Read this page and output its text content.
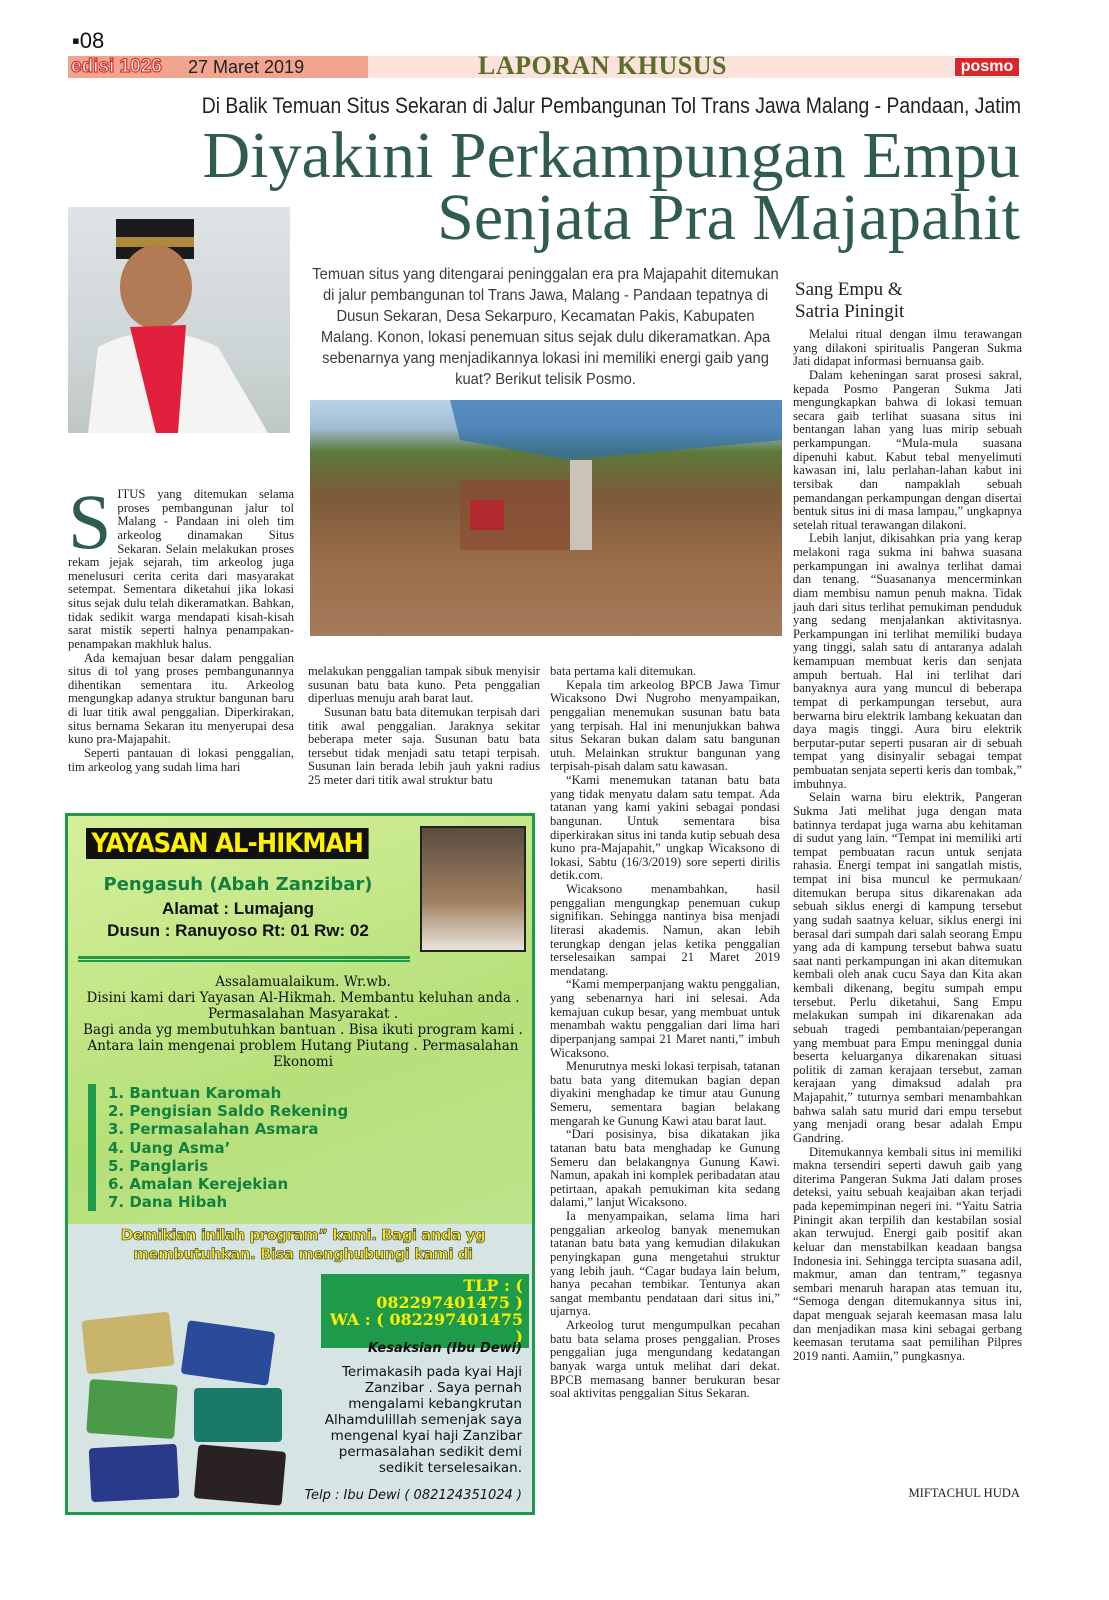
▪08
edisi 1026 27 Maret 2019	LAPORAN KHUSUS	posmo
Di Balik Temuan Situs Sekaran di Jalur Pembangunan Tol Trans Jawa Malang - Pandaan, Jatim
Diyakini Perkampungan Empu
Senjata Pra Majapahit
Temuan situs yang ditengarai peninggalan era pra Majapahit ditemukan di jalur pembangunan tol Trans Jawa, Malang - Pandaan tepatnya di Dusun Sekaran, Desa Sekarpuro, Kecamatan Pakis, Kabupaten Malang. Konon, lokasi penemuan situs sejak dulu dikeramatkan. Apa sebenarnya yang menjadikannya lokasi ini memiliki energi gaib yang kuat? Berikut telisik Posmo.
S ITUS yang ditemukan selama proses pembangunan jalur tol Malang - Pandaan ini oleh tim arkeolog dinamakan Situs Sekaran. Selain melakukan proses rekam jejak sejarah, tim arkeolog juga menelusuri cerita cerita dari masyarakat setempat. Sementara diketahui jika lokasi situs sejak dulu telah dikeramatkan. Bahkan, tidak sedikit warga mendapati kisah-kisah sarat mistik seperti halnya penampakan-penampakan makhluk halus.

Ada kemajuan besar dalam penggalian situs di tol yang proses pembangunannya dihentikan sementara itu. Arkeolog mengungkap adanya struktur bangunan baru di luar titik awal penggalian. Diperkirakan, situs bernama Sekaran itu menyerupai desa kuno pra-Majapahit.

Seperti pantauan di lokasi penggalian, tim arkeolog yang sudah lima hari

melakukan penggalian tampak sibuk menyisir susunan batu bata kuno. Peta penggalian diperluas menuju arah barat laut.

Susunan batu bata ditemukan terpisah dari titik awal penggalian. Jaraknya sekitar beberapa meter saja. Susunan batu bata tersebut tidak menjadi satu tetapi terpisah. Susunan lain berada lebih jauh yakni radius 25 meter dari titik awal struktur batu

bata pertama kali ditemukan.

Kepala tim arkeolog BPCB Jawa Timur Wicaksono Dwi Nugroho menyampaikan, penggalian menemukan susunan batu bata yang terpisah. Hal ini menunjukkan bahwa situs Sekaran bukan dalam satu bangunan utuh. Melainkan struktur bangunan yang terpisah-pisah dalam satu kawasan.

“Kami menemukan tatanan batu bata yang tidak menyatu dalam satu tempat. Ada tatanan yang kami yakini sebagai pondasi bangunan. Untuk sementara bisa diperkirakan situs ini tanda kutip sebuah desa kuno pra-Majapahit,” ungkap Wicaksono di lokasi, Sabtu (16/3/2019) sore seperti dirilis detik.com.

Wicaksono menambahkan, hasil penggalian mengungkap penemuan cukup signifikan. Sehingga nantinya bisa menjadi literasi akademis. Namun, akan lebih terungkap dengan jelas ketika penggalian terselesaikan sampai 21 Maret 2019 mendatang.

“Kami memperpanjang waktu penggalian, yang sebenarnya hari ini selesai. Ada kemajuan cukup besar, yang membuat untuk menambah waktu penggalian dari lima hari diperpanjang sampai 21 Maret nanti,” imbuh Wicaksono.

Menurutnya meski lokasi terpisah, tatanan batu bata yang ditemukan bagian depan diyakini menghadap ke timur atau Gunung Semeru, sementara bagian belakang mengarah ke Gunung Kawi atau barat laut.

“Dari posisinya, bisa dikatakan jika tatanan batu bata menghadap ke Gunung Semeru dan belakangnya Gunung Kawi. Namun, apakah ini komplek peribadatan atau petirtaan, apakah pemukiman kita sedang dalami,” lanjut Wicaksono.

Ia menyampaikan, selama lima hari penggalian arkeolog banyak menemukan tatanan batu bata yang kemudian dilakukan penyingkapan guna mengetahui struktur yang lebih jauh. “Cagar budaya lain belum, hanya pecahan tembikar. Tentunya akan sangat membantu pendataan dari situs ini,” ujarnya.

Arkeolog turut mengumpulkan pecahan batu bata selama proses penggalian. Proses penggalian juga mengundang kedatangan banyak warga untuk melihat dari dekat. BPCB memasang banner berukuran besar soal aktivitas penggalian Situs Sekaran.

Sang Empu & Satria Piningit

Melalui ritual dengan ilmu terawangan yang dilakoni spiritualis Pangeran Sukma Jati didapat informasi bernuansa gaib.

Dalam keheningan sarat prosesi sakral, kepada Posmo Pangeran Sukma Jati mengungkapkan bahwa di lokasi temuan secara gaib terlihat suasana situs ini bentangan lahan yang luas mirip sebuah perkampungan. “Mula-mula suasana dipenuhi kabut. Kabut tebal menyelimuti kawasan ini, lalu perlahan-lahan kabut ini tersibak dan nampaklah sebuah pemandangan perkampungan dengan disertai bentuk situs ini di masa lampau,” ungkapnya setelah ritual terawangan dilakoni.

Lebih lanjut, dikisahkan pria yang kerap melakoni raga sukma ini bahwa suasana perkampungan ini awalnya terlihat damai dan tenang. “Suasananya mencerminkan diam membisu namun penuh makna. Tidak jauh dari situs terlihat pemukiman penduduk yang sedang menjalankan aktivitasnya. Perkampungan ini terlihat memiliki budaya yang tinggi, salah satu di antaranya adalah kemampuan membuat keris dan senjata ampuh bertuah. Hal ini terlihat dari banyaknya aura yang muncul di beberapa tempat di perkampungan tersebut, aura berwarna biru elektrik lambang kekuatan dan daya magis tinggi. Aura biru elektrik berputar-putar seperti pusaran air di sebuah tempat yang disinyalir sebagai tempat pembuatan senjata seperti keris dan tombak,” imbuhnya.

Selain warna biru elektrik, Pangeran Sukma Jati melihat juga dengan mata batinnya terdapat juga warna abu kehitaman di sudut yang lain. “Tempat ini memiliki arti tempat pembuatan racun untuk senjata rahasia. Energi tempat ini sangatlah mistis, tempat ini bisa muncul ke permukaan/ ditemukan berupa situs dikarenakan ada sebuah siklus energi di kampung tersebut yang sudah saatnya keluar, siklus energi ini berasal dari sumpah dari salah seorang Empu yang ada di kampung tersebut bahwa suatu saat nanti perkampungan ini akan ditemukan kembali oleh anak cucu Saya dan Kita akan kembali dikenang, begitu sumpah empu tersebut. Perlu diketahui, Sang Empu melakukan sumpah ini dikarenakan ada sebuah tragedi pembantaian/peperangan yang membuat para Empu meninggal dunia beserta keluarganya dikarenakan situasi politik di zaman kerajaan tersebut, zaman kerajaan yang dimaksud adalah pra Majapahit,” tuturnya sembari menambahkan bahwa salah satu murid dari empu tersebut yang menjadi orang besar adalah Empu Gandring.

Ditemukannya kembali situs ini memiliki makna tersendiri seperti dawuh gaib yang diterima Pangeran Sukma Jati dalam proses deteksi, yaitu sebuah keajaiban akan terjadi pada kepemimpinan negeri ini. “Yaitu Satria Piningit akan terpilih dan kestabilan sosial akan terwujud. Energi gaib positif akan keluar dan menstabilkan keadaan bangsa Indonesia ini. Sehingga tercipta suasana adil, makmur, aman dan tentram,” tegasnya sembari menaruh harapan atas temuan itu, “Semoga dengan ditemukannya situs ini, dapat menguak sejarah keemasan masa lalu dan menjadikan masa kini sebagai gerbang keemasan terutama saat pemilihan Pilpres 2019 nanti. Aamiin,” pungkasnya.

MIFTACHUL HUDA
YAYASAN AL-HIKMAH
Pengasuh (Abah Zanzibar)
Alamat : Lumajang
Dusun : Ranuyoso Rt: 01 Rw: 02
Assalamualaikum. Wr.wb.
Disini kami dari Yayasan Al-Hikmah. Membantu keluhan anda . Permasalahan Masyarakat .
Bagi anda yg membutuhkan bantuan . Bisa ikuti program kami . Antara lain mengenai problem Hutang Piutang . Permasalahan Ekonomi
1. Bantuan Karomah
2. Pengisian Saldo Rekening
3. Permasalahan Asmara
4. Uang Asma’
5. Panglaris
6. Amalan Kerejekian
7. Dana Hibah
Demikian inilah program” kami. Bagi anda yg membutuhkan. Bisa menghubungi kami di
TLP : ( 082297401475 )
WA : ( 082297401475 )
Kesaksian (Ibu Dewi)
Terimakasih pada kyai Haji Zanzibar . Saya pernah mengalami kebangkrutan Alhamdulillah semenjak saya mengenal kyai haji Zanzibar permasalahan sedikit demi sedikit terselesaikan.
Telp : Ibu Dewi ( 082124351024 )
